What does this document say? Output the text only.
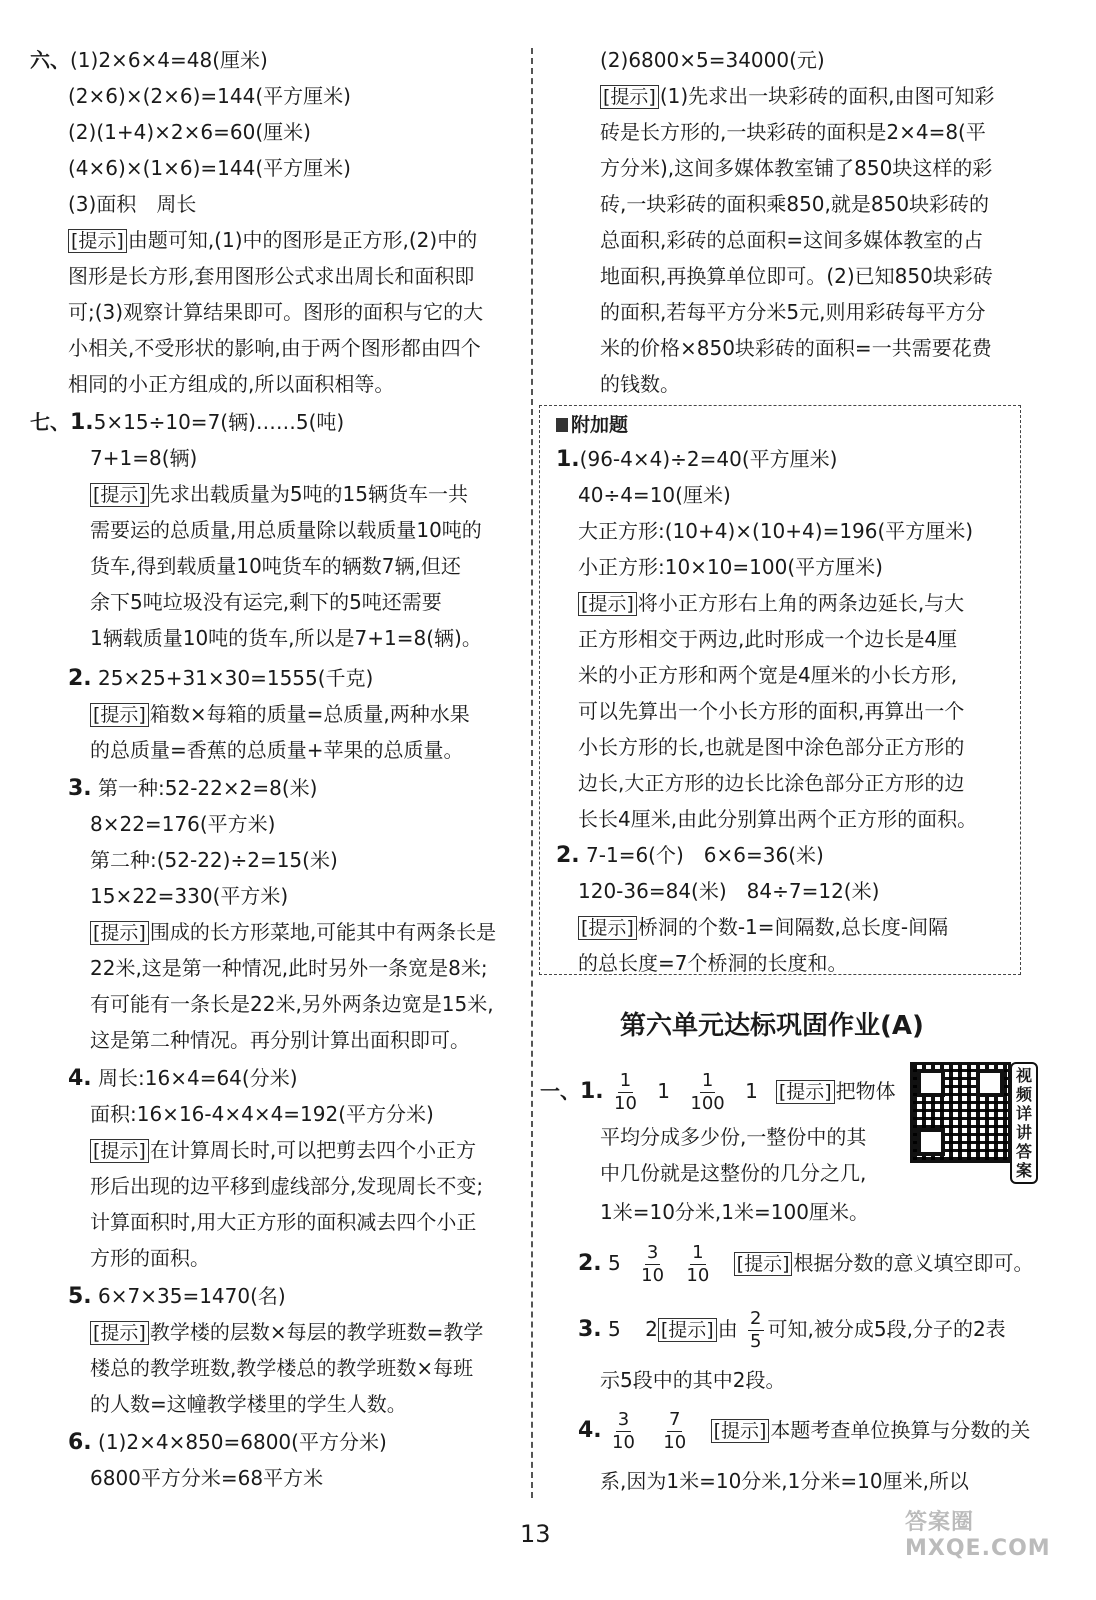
六、(1)2×6×4=48(厘米)
(2×6)×(2×6)=144(平方厘米)
(2)(1+4)×2×6=60(厘米)
(4×6)×(1×6)=144(平方厘米)
(3)面积　周长
[提示] 由题可知,(1)中的图形是正方形,(2)中的
图形是长方形,套用图形公式求出周长和面积即
可;(3)观察计算结果即可。图形的面积与它的大
小相关,不受形状的影响,由于两个图形都由四个
相同的小正方组成的,所以面积相等。
七、1.5×15÷10=7(辆)……5(吨)
7+1=8(辆)
[提示] 先求出载质量为5吨的15辆货车一共
需要运的总质量,用总质量除以载质量10吨的
货车,得到载质量10吨货车的辆数7辆,但还
余下5吨垃圾没有运完,剩下的5吨还需要
1辆载质量10吨的货车,所以是7+1=8(辆)。
2. 25×25+31×30=1555(千克)
[提示] 箱数×每箱的质量=总质量,两种水果
的总质量=香蕉的总质量+苹果的总质量。
3. 第一种:52-22×2=8(米)
8×22=176(平方米)
第二种:(52-22)÷2=15(米)
15×22=330(平方米)
[提示] 围成的长方形菜地,可能其中有两条长是
22米,这是第一种情况,此时另外一条宽是8米;
有可能有一条长是22米,另外两条边宽是15米,
这是第二种情况。再分别计算出面积即可。
4. 周长:16×4=64(分米)
面积:16×16-4×4×4=192(平方分米)
[提示] 在计算周长时,可以把剪去四个小正方
形后出现的边平移到虚线部分,发现周长不变;
计算面积时,用大正方形的面积减去四个小正
方形的面积。
5. 6×7×35=1470(名)
[提示] 教学楼的层数×每层的教学班数=教学
楼总的教学班数,教学楼总的教学班数×每班
的人数=这幢教学楼里的学生人数。
6. (1)2×4×850=6800(平方分米)
6800平方分米=68平方米
(2)6800×5=34000(元)
[提示] (1)先求出一块彩砖的面积,由图可知彩
砖是长方形的,一块彩砖的面积是2×4=8(平
方分米),这间多媒体教室铺了850块这样的彩
砖,一块彩砖的面积乘850,就是850块彩砖的
总面积,彩砖的总面积=这间多媒体教室的占
地面积,再换算单位即可。(2)已知850块彩砖
的面积,若每平方分米5元,则用彩砖每平方分
米的价格×850块彩砖的面积=一共需要花费
的钱数。
附加题
1.(96-4×4)÷2=40(平方厘米)
40÷4=10(厘米)
大正方形:(10+4)×(10+4)=196(平方厘米)
小正方形:10×10=100(平方厘米)
[提示] 将小正方形右上角的两条边延长,与大
正方形相交于两边,此时形成一个边长是4厘
米的小正方形和两个宽是4厘米的小长方形,
可以先算出一个小长方形的面积,再算出一个
小长方形的长,也就是图中涂色部分正方形的
边长,大正方形的边长比涂色部分正方形的边
长长4厘米,由此分别算出两个正方形的面积。
2. 7-1=6(个)　6×6=36(米)
120-36=84(米)　84÷7=12(米)
[提示] 桥洞的个数-1=间隔数,总长度-间隔
的总长度=7个桥洞的长度和。
第六单元达标巩固作业(A)
视频详讲答案
一、1. $\frac{1}{10} 1 \frac{1}{100} 1$ [提示] 把物体
平均分成多少份,一整份中的其
中几份就是这整份的几分之几,
1米=10分米,1米=100厘米。
2. $5 \frac{3}{10}$
$\frac{1}{10}$ [提示] 根据分数的意义填空即可。
3. 5 2 [提示] 由 $\frac{2}{5}$ 可知,被分成5段,分子的2表
示5段中的其中2段。
4. $\frac{3}{10}$
$\frac{7}{10}$ [提示] 本题考查单位换算与分数的关
系,因为1米=10分米,1分米=10厘米,所以
13	答案圈 MXQE.COM
